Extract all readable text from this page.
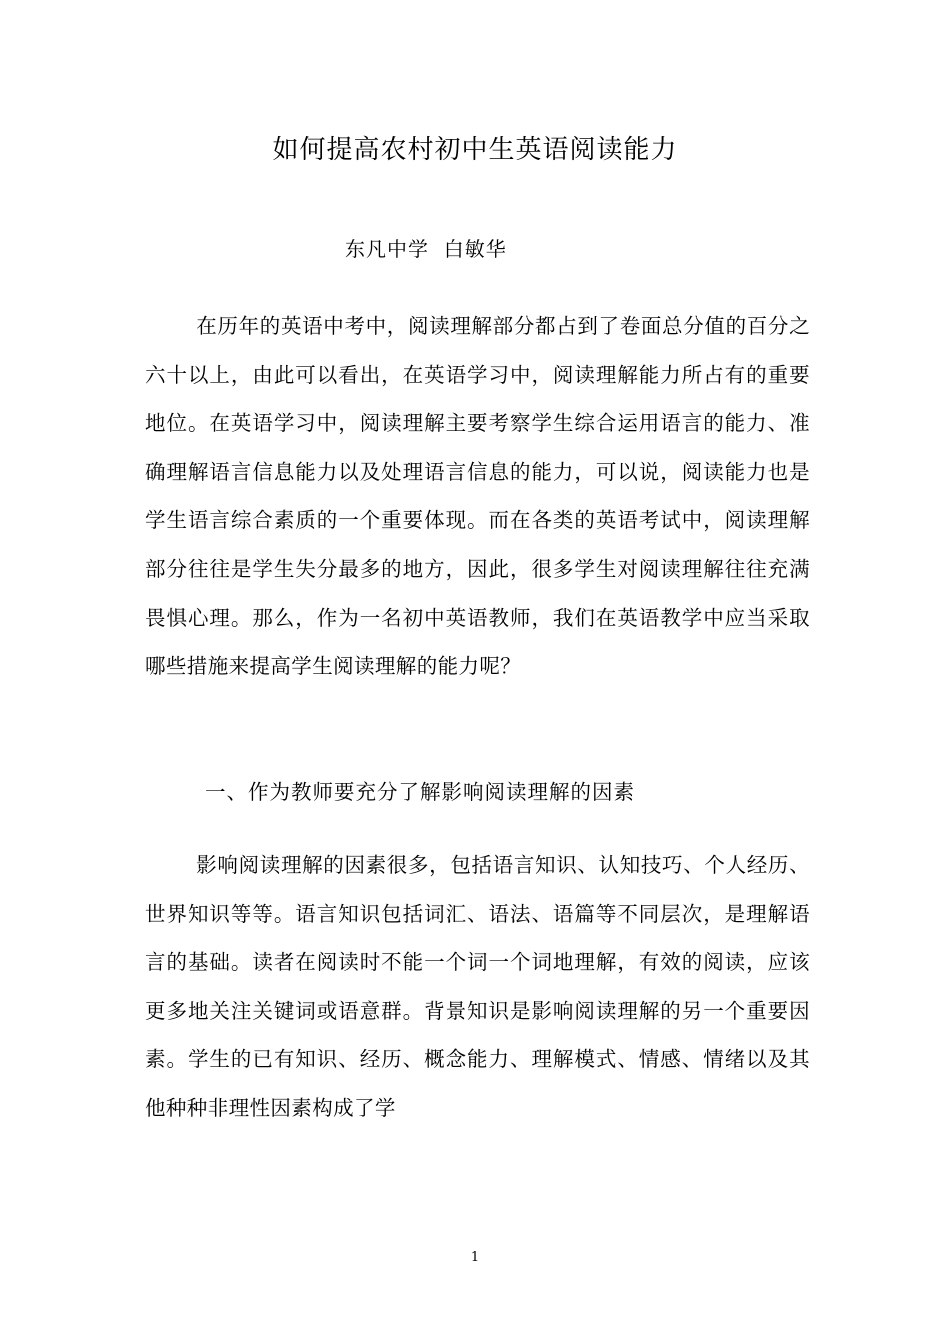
如何提高农村初中生英语阅读能力
东凡中学  白敏华

在历年的英语中考中，阅读理解部分都占到了卷面总分值的百分之六十以上，由此可以看出，在英语学习中，阅读理解能力所占有的重要地位。在英语学习中，阅读理解主要考察学生综合运用语言的能力、准确理解语言信息能力以及处理语言信息的能力，可以说，阅读能力也是学生语言综合素质的一个重要体现。而在各类的英语考试中，阅读理解部分往往是学生失分最多的地方，因此，很多学生对阅读理解往往充满畏惧心理。那么，作为一名初中英语教师，我们在英语教学中应当采取哪些措施来提高学生阅读理解的能力呢？

一、作为教师要充分了解影响阅读理解的因素

影响阅读理解的因素很多，包括语言知识、认知技巧、个人经历、世界知识等等。语言知识包括词汇、语法、语篇等不同层次，是理解语言的基础。读者在阅读时不能一个词一个词地理解，有效的阅读，应该更多地关注关键词或语意群。背景知识是影响阅读理解的另一个重要因素。学生的已有知识、经历、概念能力、理解模式、情感、情绪以及其他种种非理性因素构成了学

1
